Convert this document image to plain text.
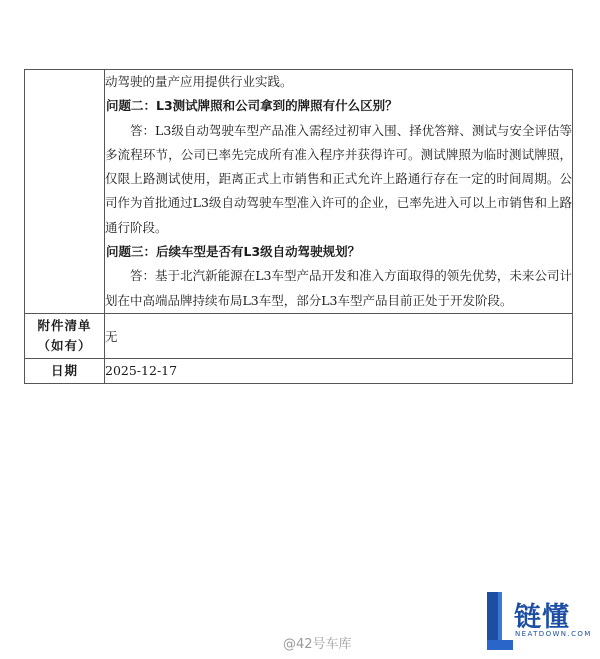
	动驾驶的量产应用提供行业实践。

问题二：L3测试牌照和公司拿到的牌照有什么区别？

答：L3级自动驾驶车型产品准入需经过初审入围、择优答辩、测试与安全评估等多流程环节，公司已率先完成所有准入程序并获得许可。测试牌照为临时测试牌照，仅限上路测试使用，距离正式上市销售和正式允许上路通行存在一定的时间周期。公司作为首批通过L3级自动驾驶车型准入许可的企业，已率先进入可以上市销售和上路通行阶段。

问题三：后续车型是否有L3级自动驾驶规划？

答：基于北汽新能源在L3车型产品开发和准入方面取得的领先优势，未来公司计划在中高端品牌持续布局L3车型，部分L3车型产品目前正处于开发阶段。

附件清单
（如有）	无
日期	2025-12-17
@42号车库
链懂
NEATDOWN.COM
